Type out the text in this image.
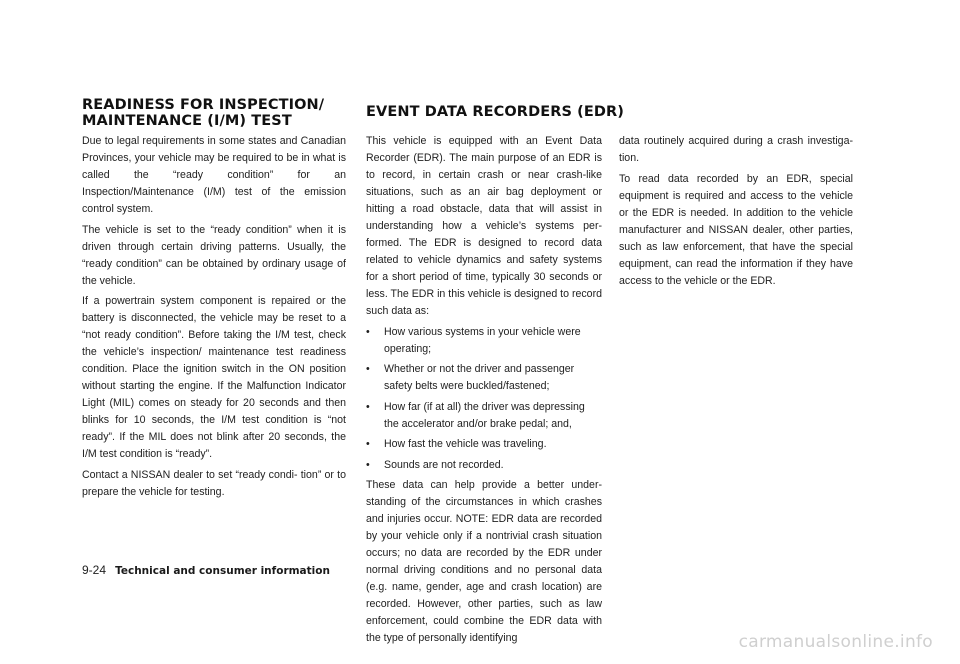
READINESS FOR INSPECTION/
MAINTENANCE (I/M) TEST
EVENT DATA RECORDERS (EDR)

Due to legal requirements in some states and Canadian Provinces, your vehicle may be required to be in what is called the “ready condition” for an Inspection/Maintenance (I/M) test of the emission control system.

The vehicle is set to the “ready condition” when it is driven through certain driving patterns. Usually, the “ready condition” can be obtained by ordinary usage of the vehicle.

If a powertrain system component is repaired or the battery is disconnected, the vehicle may be reset to a “not ready condition”. Before taking the I/M test, check the vehicle’s inspection/ maintenance test readiness condition. Place the ignition switch in the ON position without starting the engine. If the Malfunction Indicator Light (MIL) comes on steady for 20 seconds and then blinks for 10 seconds, the I/M test condition is “not ready”. If the MIL does not blink after 20 seconds, the I/M test condition is “ready”.

Contact a NISSAN dealer to set “ready condi- tion” or to prepare the vehicle for testing.

This vehicle is equipped with an Event Data Recorder (EDR). The main purpose of an EDR is to record, in certain crash or near crash-like situations, such as an air bag deployment or hitting a road obstacle, data that will assist in understanding how a vehicle’s systems per- formed. The EDR is designed to record data related to vehicle dynamics and safety systems for a short period of time, typically 30 seconds or less. The EDR in this vehicle is designed to record such data as:

• How various systems in your vehicle were operating;
• Whether or not the driver and passenger safety belts were buckled/fastened;
• How far (if at all) the driver was depressing the accelerator and/or brake pedal; and,
• How fast the vehicle was traveling.
• Sounds are not recorded.

These data can help provide a better under- standing of the circumstances in which crashes and injuries occur. NOTE: EDR data are recorded by your vehicle only if a nontrivial crash situation occurs; no data are recorded by the EDR under normal driving conditions and no personal data (e.g. name, gender, age and crash location) are recorded. However, other parties, such as law enforcement, could combine the EDR data with the type of personally identifying

data routinely acquired during a crash investiga- tion.

To read data recorded by an EDR, special equipment is required and access to the vehicle or the EDR is needed. In addition to the vehicle manufacturer and NISSAN dealer, other parties, such as law enforcement, that have the special equipment, can read the information if they have access to the vehicle or the EDR.

9-24 Technical and consumer information
carmanualsonline.info
